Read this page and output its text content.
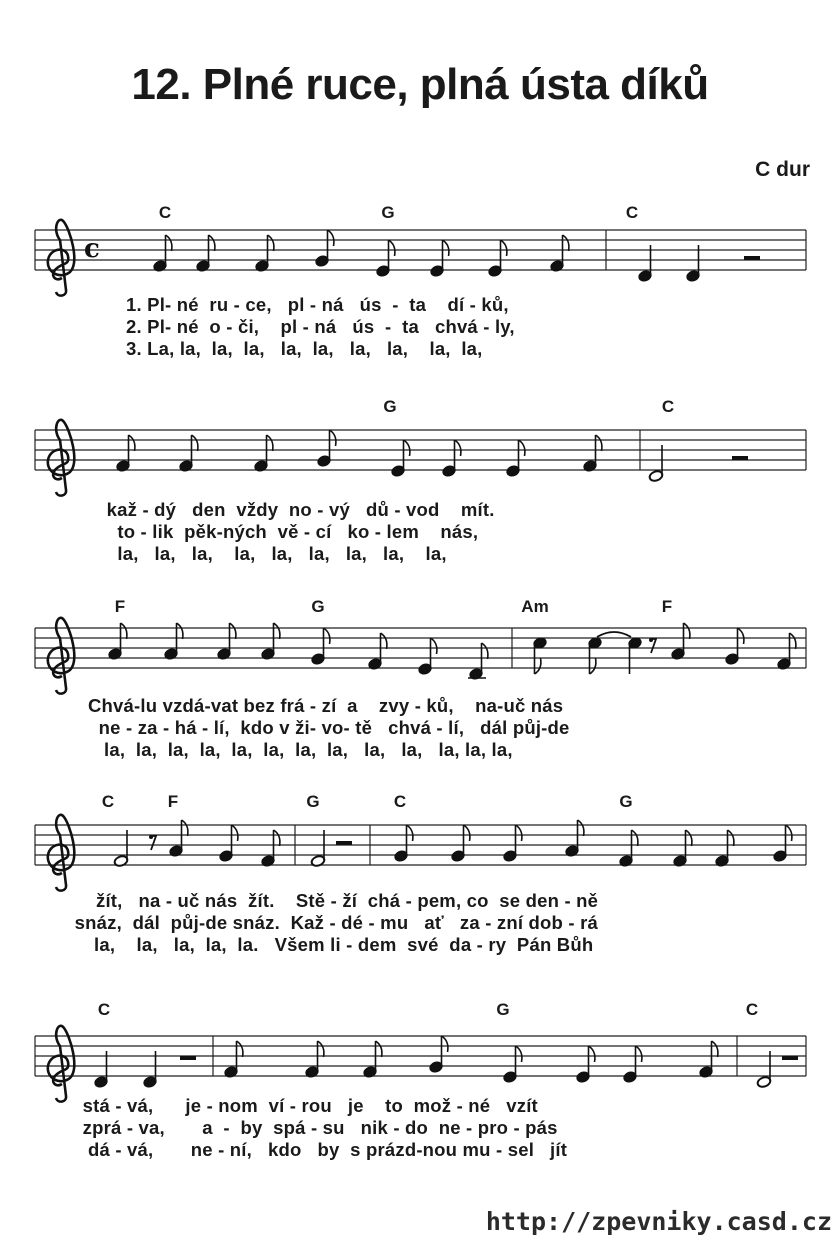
12. Plné ruce, plná ústa díků
C dur
C	G	C
c
1. Pl- né  ru - ce,   pl - ná   ús  -  ta    dí - ků,
2. Pl- né  o - či,    pl - ná   ús  -  ta   chvá - ly,
3. La, la,  la,  la,   la,  la,   la,   la,    la,  la,
G	C
kaž - dý   den  vždy  no - vý   dů - vod    mít.
to - lik  pěk-ných  vě - cí   ko - lem    nás,
la,   la,   la,    la,   la,   la,   la,   la,    la,
F	G	Am	F
Chvá-lu vzdá-vat bez frá - zí  a    zvy - ků,    na-uč nás
ne - za - há - lí,  kdo v ži- vo- tě   chvá - lí,   dál půj-de
la,  la,  la,  la,  la,  la,  la,  la,   la,   la,   la, la, la,
C	F	G	C	G
žít,   na - uč nás  žít.    Stě - ží  chá - pem, co  se den - ně
snáz,  dál  půj-de snáz.  Kaž - dé - mu   ať   za - zní dob - rá
la,    la,   la,  la,  la.   Všem li - dem  své  da - ry  Pán Bůh
C	G	C
stá - vá,      je - nom  ví - rou   je    to  mož - né   vzít
zprá - va,       a  -  by  spá - su   nik - do  ne - pro - pás
dá - vá,       ne - ní,   kdo   by  s prázd-nou mu - sel   jít
http://zpevniky.casd.cz
